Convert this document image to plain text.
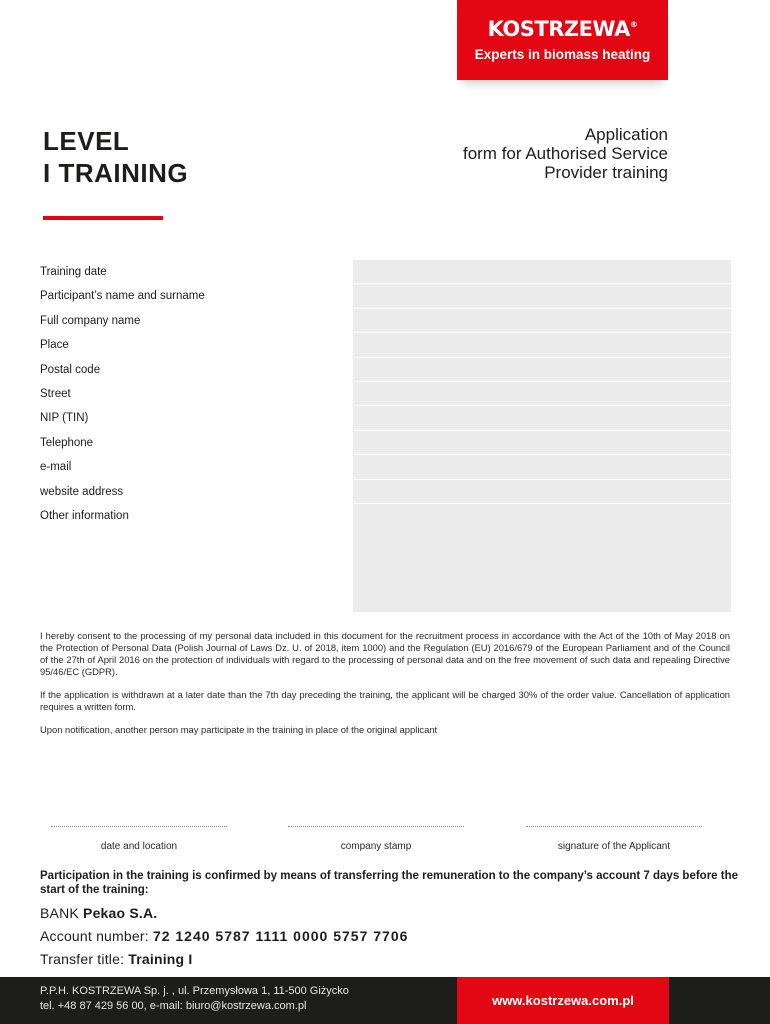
KOSTRZEWA®
Experts in biomass heating
LEVEL
I TRAINING
Application
form for Authorised Service
Provider training
Training date
Participant’s name and surname
Full company name
Place
Postal code
Street
NIP (TIN)
Telephone
e-mail
website address
Other information

I hereby consent to the processing of my personal data included in this document for the recruitment process in accordance with the Act of the 10th of May 2018 on the Protection of Personal Data (Polish Journal of Laws Dz. U. of 2018, item 1000) and the Regulation (EU) 2016/679 of the European Parliament and of the Council of the 27th of April 2016 on the protection of individuals with regard to the processing of personal data and on the free movement of such data and repealing Directive 95/46/EC (GDPR).

If the application is withdrawn at a later date than the 7th day preceding the training, the applicant will be charged 30% of the order value. Cancellation of application requires a written form.

Upon notification, another person may participate in the training in place of the original applicant

date and location	company stamp	signature of the Applicant
Participation in the training is confirmed by means of transferring the remuneration to the company’s account 7 days before the start of the training:
BANK Pekao S.A.
Account number: 72 1240 5787 1111 0000 5757 7706
Transfer title: Training I
P.P.H. KOSTRZEWA Sp. j. , ul. Przemysłowa 1, 11-500 Giżycko
tel. +48 87 429 56 00, e-mail: biuro@kostrzewa.com.pl	www.kostrzewa.com.pl
